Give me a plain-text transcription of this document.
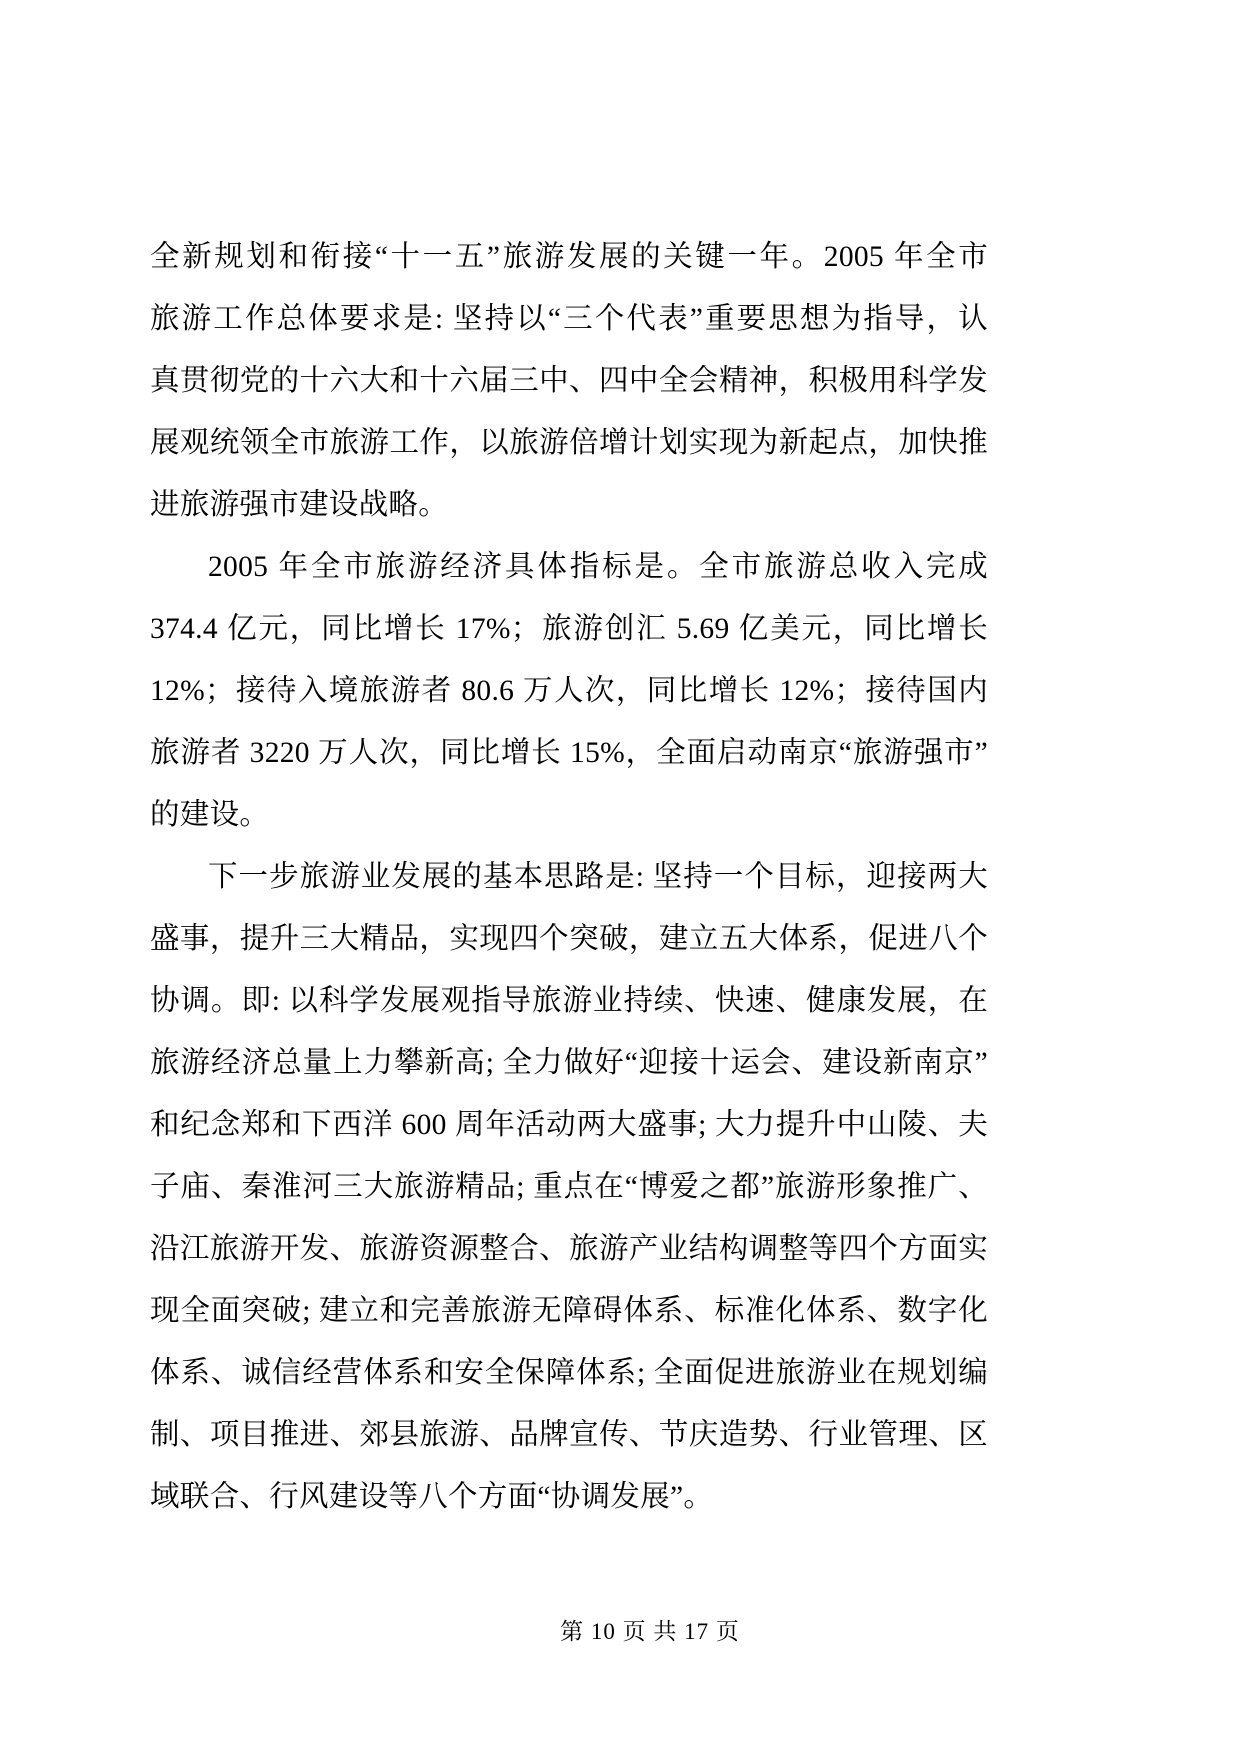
全新规划和衔接“十一五”旅游发展的关键一年。2005 年全市
旅游工作总体要求是: 坚持以“三个代表”重要思想为指导，认
真贯彻党的十六大和十六届三中、四中全会精神，积极用科学发
展观统领全市旅游工作，以旅游倍增计划实现为新起点，加快推
进旅游强市建设战略。
2005 年全市旅游经济具体指标是。全市旅游总收入完成
374.4 亿元，同比增长 17%；旅游创汇 5.69 亿美元，同比增长
12%；接待入境旅游者 80.6 万人次，同比增长 12%；接待国内
旅游者 3220 万人次，同比增长 15%，全面启动南京“旅游强市”
的建设。
下一步旅游业发展的基本思路是: 坚持一个目标，迎接两大
盛事，提升三大精品，实现四个突破，建立五大体系，促进八个
协调。即: 以科学发展观指导旅游业持续、快速、健康发展，在
旅游经济总量上力攀新高; 全力做好“迎接十运会、建设新南京”
和纪念郑和下西洋 600 周年活动两大盛事; 大力提升中山陵、夫
子庙、秦淮河三大旅游精品; 重点在“博爱之都”旅游形象推广、
沿江旅游开发、旅游资源整合、旅游产业结构调整等四个方面实
现全面突破; 建立和完善旅游无障碍体系、标准化体系、数字化
体系、诚信经营体系和安全保障体系; 全面促进旅游业在规划编
制、项目推进、郊县旅游、品牌宣传、节庆造势、行业管理、区
域联合、行风建设等八个方面“协调发展”。
第 10 页 共 17 页
